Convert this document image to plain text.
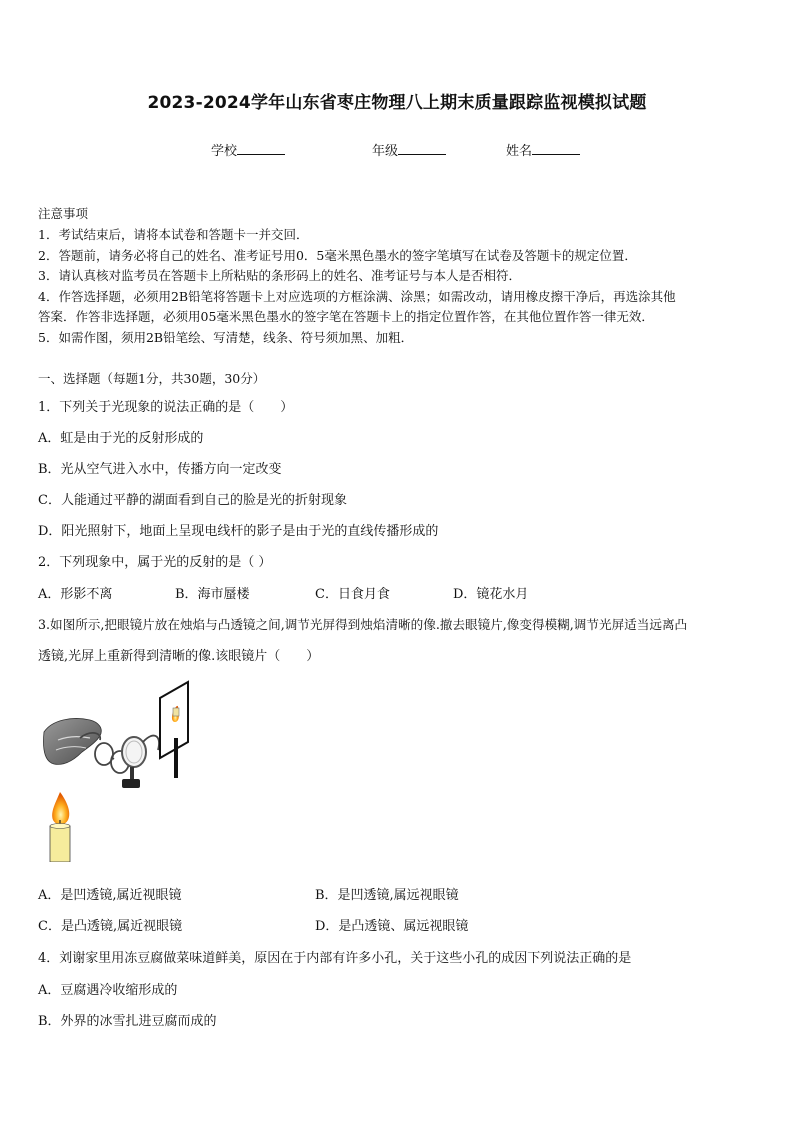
2023-2024学年山东省枣庄物理八上期末质量跟踪监视模拟试题
学校	年级	姓名
注意事项
1．考试结束后，请将本试卷和答题卡一并交回．
2．答题前，请务必将自己的姓名、准考证号用0．5毫米黑色墨水的签字笔填写在试卷及答题卡的规定位置．
3．请认真核对监考员在答题卡上所粘贴的条形码上的姓名、准考证号与本人是否相符．
4．作答选择题，必须用2B铅笔将答题卡上对应选项的方框涂满、涂黑；如需改动，请用橡皮擦干净后，再选涂其他
答案．作答非选择题，必须用05毫米黑色墨水的签字笔在答题卡上的指定位置作答，在其他位置作答一律无效．
5．如需作图，须用2B铅笔绘、写清楚，线条、符号须加黑、加粗．
一、选择题（每题1分，共30题，30分）
1．下列关于光现象的说法正确的是（　　）
A．虹是由于光的反射形成的
B．光从空气进入水中，传播方向一定改变
C．人能通过平静的湖面看到自己的脸是光的折射现象
D．阳光照射下，地面上呈现电线杆的影子是由于光的直线传播形成的
2．下列现象中，属于光的反射的是（ ）
A．形影不离	B．海市蜃楼	C．日食月食	D．镜花水月
3.如图所示,把眼镜片放在烛焰与凸透镜之间,调节光屏得到烛焰清晰的像.撤去眼镜片,像变得模糊,调节光屏适当远离凸
透镜,光屏上重新得到清晰的像.该眼镜片（　　）
A．是凹透镜,属近视眼镜	B．是凹透镜,属远视眼镜
C．是凸透镜,属近视眼镜	D．是凸透镜、属远视眼镜
4．刘谢家里用冻豆腐做菜味道鲜美，原因在于内部有许多小孔，关于这些小孔的成因下列说法正确的是
A．豆腐遇冷收缩形成的
B．外界的冰雪扎进豆腐而成的
